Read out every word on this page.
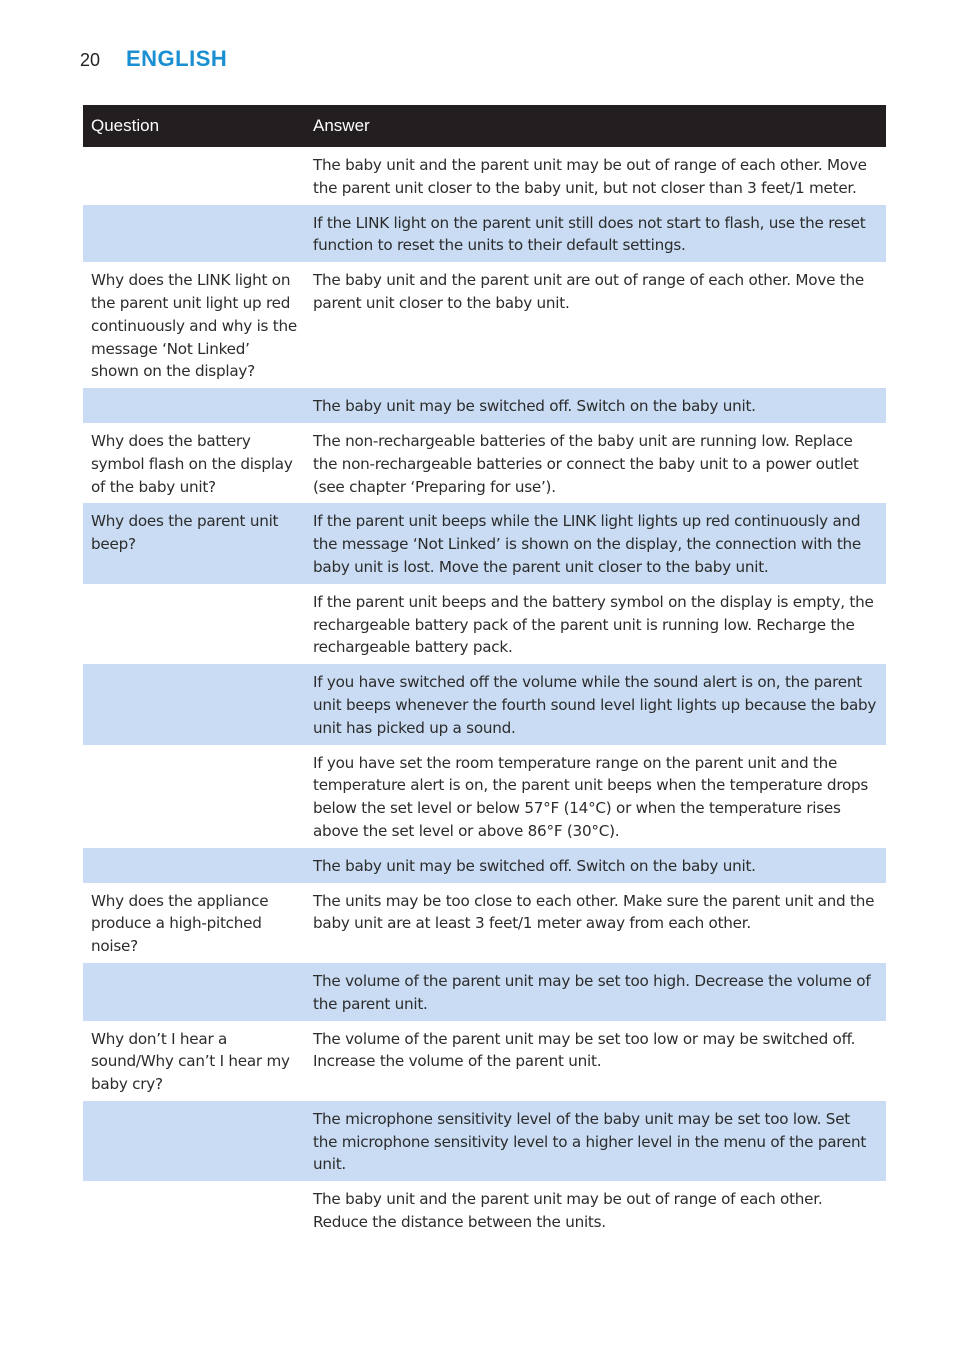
20	ENGLISH
Question	Answer
	The baby unit and the parent unit may be out of range of each other. Move the parent unit closer to the baby unit, but not closer than 3 feet/1 meter.
	If the LINK light on the parent unit still does not start to flash, use the reset function to reset the units to their default settings.
Why does the LINK light on the parent unit light up red continuously and why is the message ‘Not Linked’ shown on the display?	The baby unit and the parent unit are out of range of each other. Move the parent unit closer to the baby unit.
	The baby unit may be switched off. Switch on the baby unit.
Why does the battery symbol flash on the display of the baby unit?	The non-rechargeable batteries of the baby unit are running low. Replace the non-rechargeable batteries or connect the baby unit to a power outlet (see chapter ‘Preparing for use’).
Why does the parent unit beep?	If the parent unit beeps while the LINK light lights up red continuously and the message ‘Not Linked’ is shown on the display, the connection with the baby unit is lost. Move the parent unit closer to the baby unit.
	If the parent unit beeps and the battery symbol on the display is empty, the rechargeable battery pack of the parent unit is running low. Recharge the rechargeable battery pack.
	If you have switched off the volume while the sound alert is on, the parent unit beeps whenever the fourth sound level light lights up because the baby unit has picked up a sound.
	If you have set the room temperature range on the parent unit and the temperature alert is on, the parent unit beeps when the temperature drops below the set level or below 57°F (14°C) or when the temperature rises above the set level or above 86°F (30°C).
	The baby unit may be switched off. Switch on the baby unit.
Why does the appliance produce a high-pitched noise?	The units may be too close to each other. Make sure the parent unit and the baby unit are at least 3 feet/1 meter away from each other.
	The volume of the parent unit may be set too high. Decrease the volume of the parent unit.
Why don’t I hear a sound/Why can’t I hear my baby cry?	The volume of the parent unit may be set too low or may be switched off. Increase the volume of the parent unit.
	The microphone sensitivity level of the baby unit may be set too low. Set the microphone sensitivity level to a higher level in the menu of the parent unit.
	The baby unit and the parent unit may be out of range of each other. Reduce the distance between the units.
